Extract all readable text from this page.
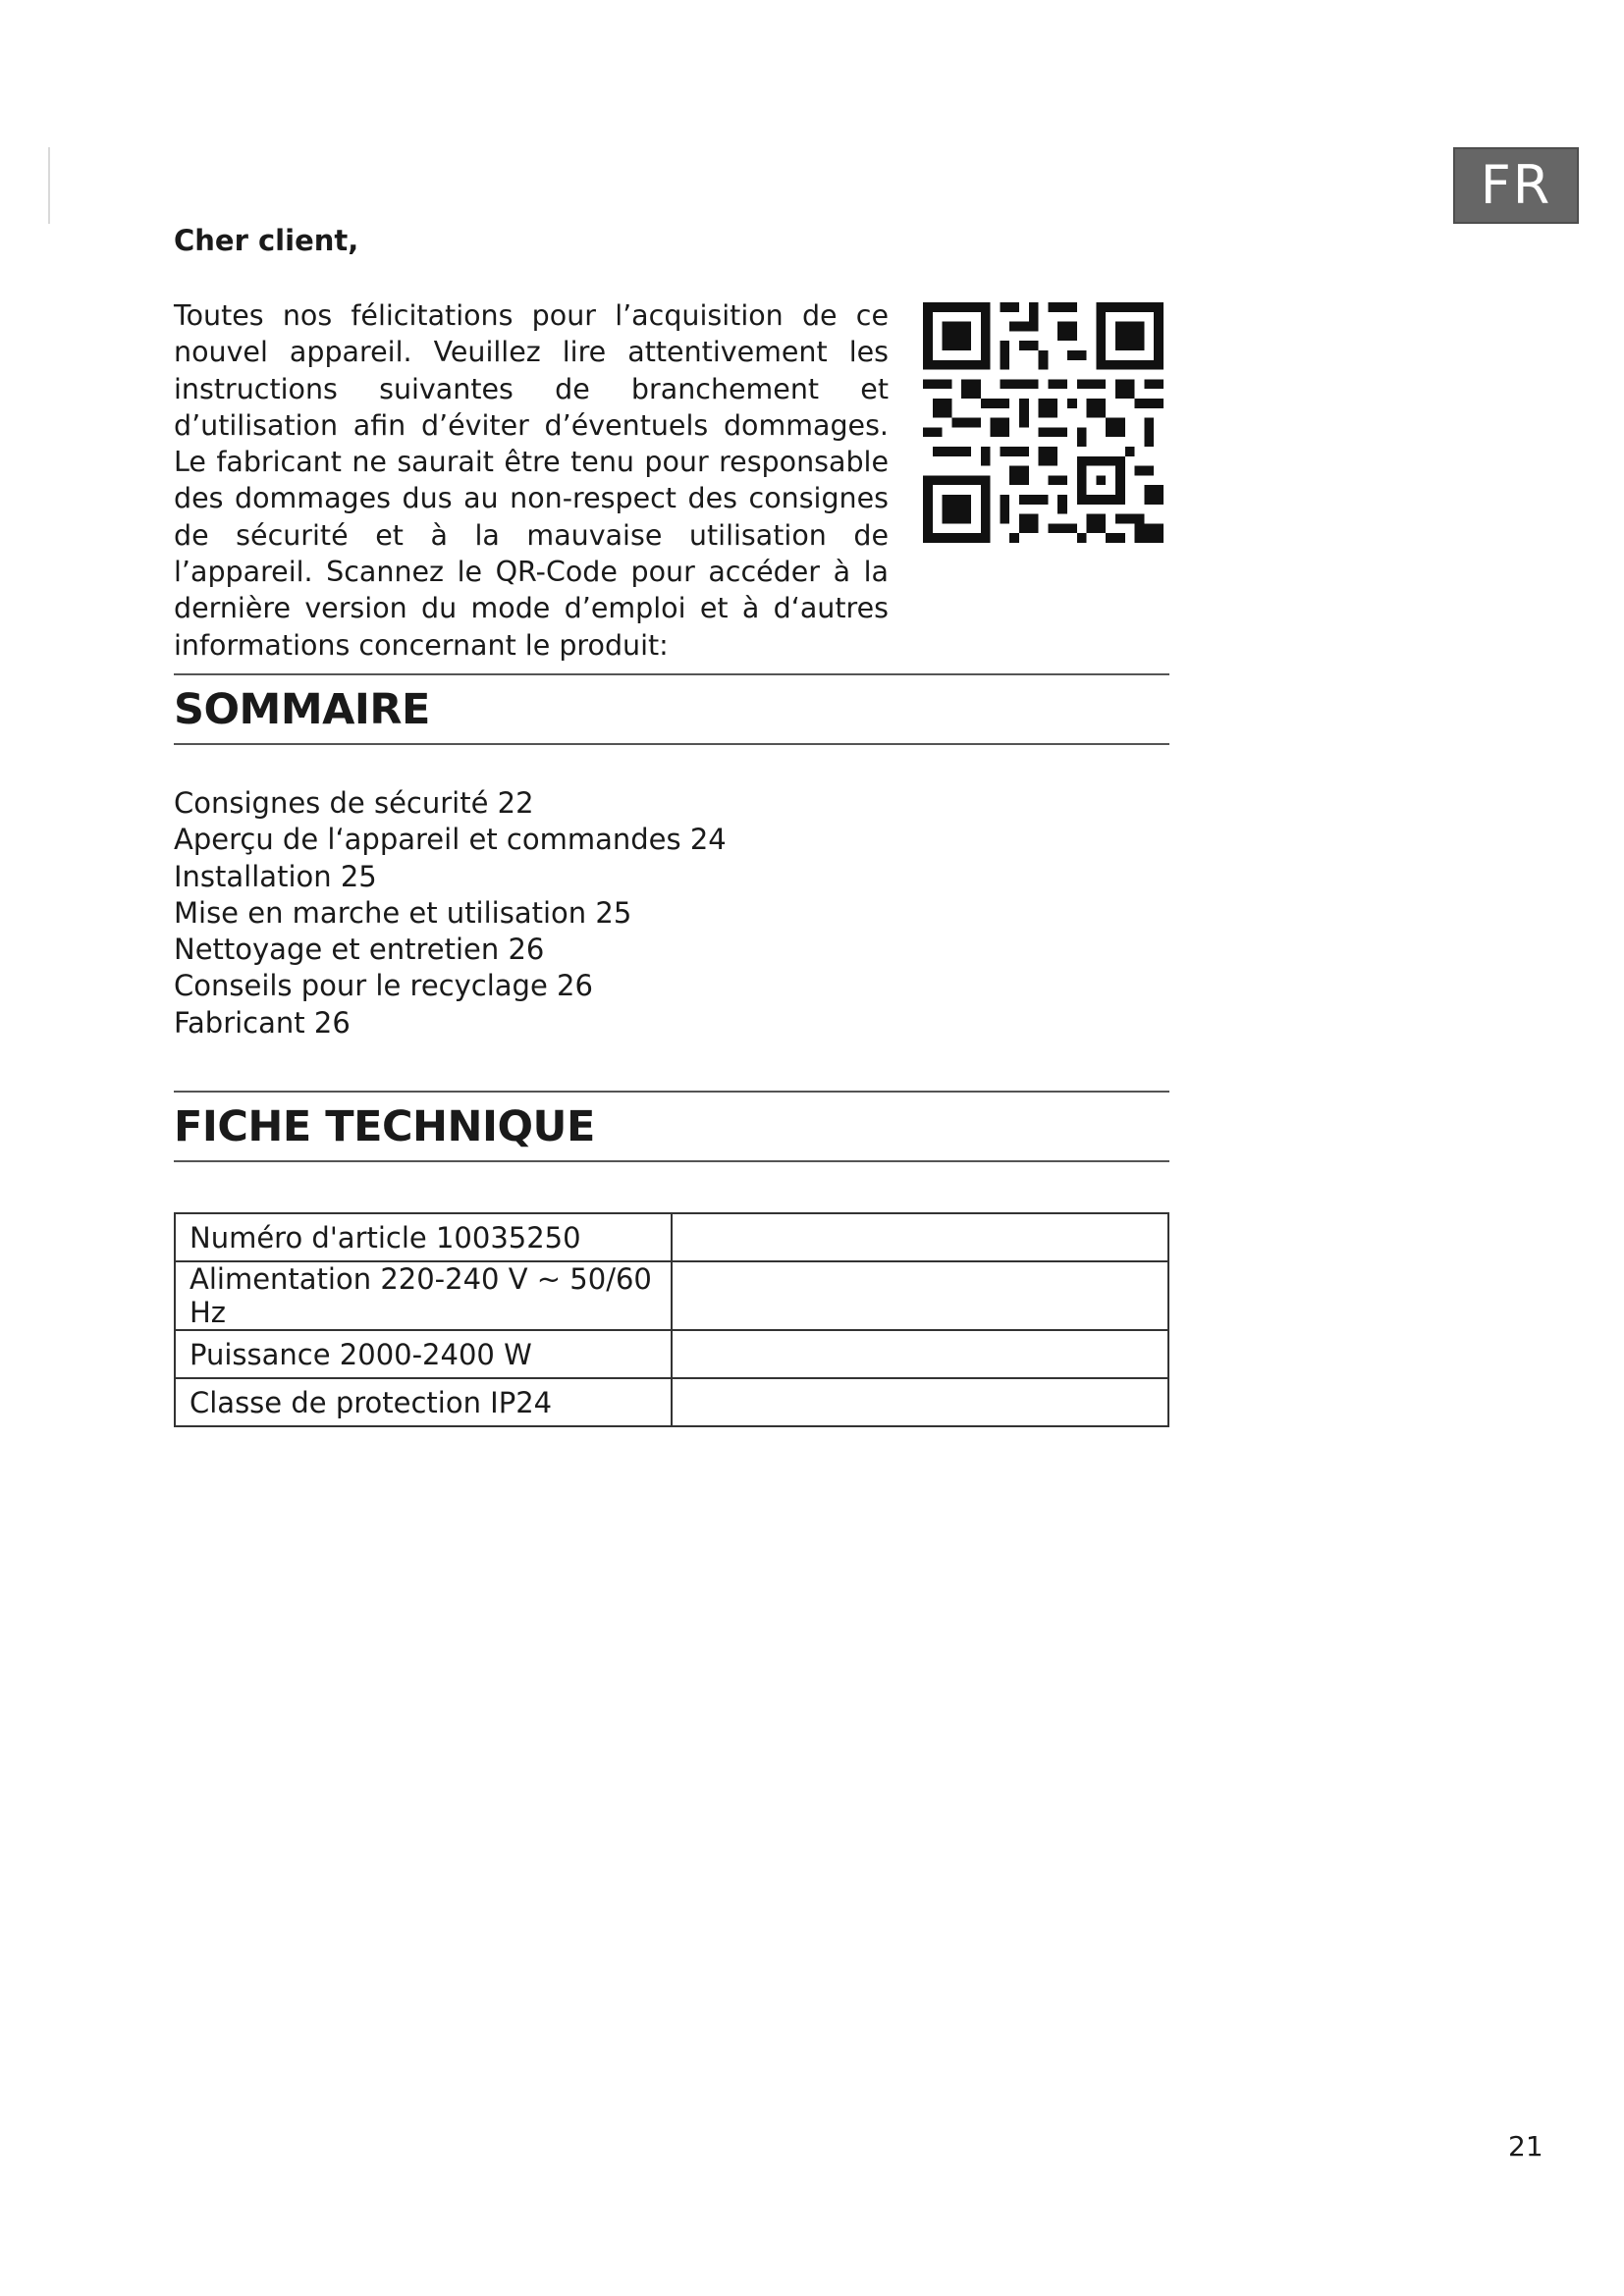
FR
Cher client,

Toutes nos félicitations pour l’acquisition de ce nouvel appareil. Veuillez lire attentivement les instructions suivantes de branchement et d’utilisation afin d’éviter d’éventuels dommages. Le fabricant ne saurait être tenu pour responsable des dommages dus au non-respect des consignes de sécurité et à la mauvaise utilisation de l’appareil. Scannez le QR-Code pour accéder à la dernière version du mode d’emploi et à d‘autres informations concernant le produit:

SOMMAIRE
Consignes de sécurité 22
Aperçu de l‘appareil et commandes 24
Installation 25
Mise en marche et utilisation 25
Nettoyage et entretien 26
Conseils pour le recyclage 26
Fabricant 26
FICHE TECHNIQUE
Numéro d'article 10035250	
Alimentation 220-240 V ~ 50/60 Hz	
Puissance 2000-2400 W	
Classe de protection IP24	
21
